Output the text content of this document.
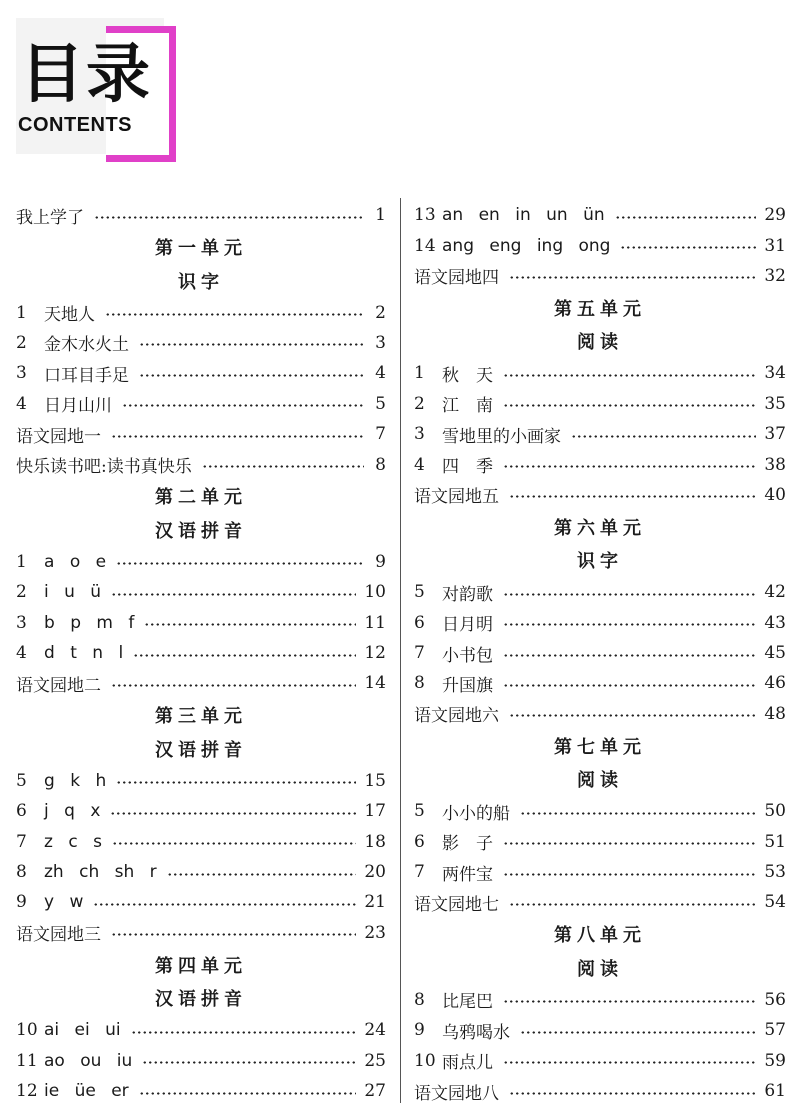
目录
CONTENTS
我上学了	1
第一单元
识字
1	天地人	2
2	金木水火土	3
3	口耳目手足	4
4	日月山川	5
语文园地一	7
快乐读书吧:读书真快乐	8
第二单元
汉语拼音
1	a o e	9
2	i u ü	10
3	b p m f	11
4	d t n l	12
语文园地二	14
第三单元
汉语拼音
5	g k h	15
6	j q x	17
7	z c s	18
8	zh ch sh r	20
9	y w	21
语文园地三	23
第四单元
汉语拼音
10 ai ei ui	24
11 ao ou iu	25
12 ie üe er	27
13 an en in un ün	29
14 ang eng ing ong	31
语文园地四	32
第五单元
阅读
1	秋　天	34
2	江　南	35
3	雪地里的小画家	37
4	四　季	38
语文园地五	40
第六单元
识字
5	对韵歌	42
6	日月明	43
7	小书包	45
8	升国旗	46
语文园地六	48
第七单元
阅读
5	小小的船	50
6	影　子	51
7	两件宝	53
语文园地七	54
第八单元
阅读
8	比尾巴	56
9	乌鸦喝水	57
10 雨点儿	59
语文园地八	61
